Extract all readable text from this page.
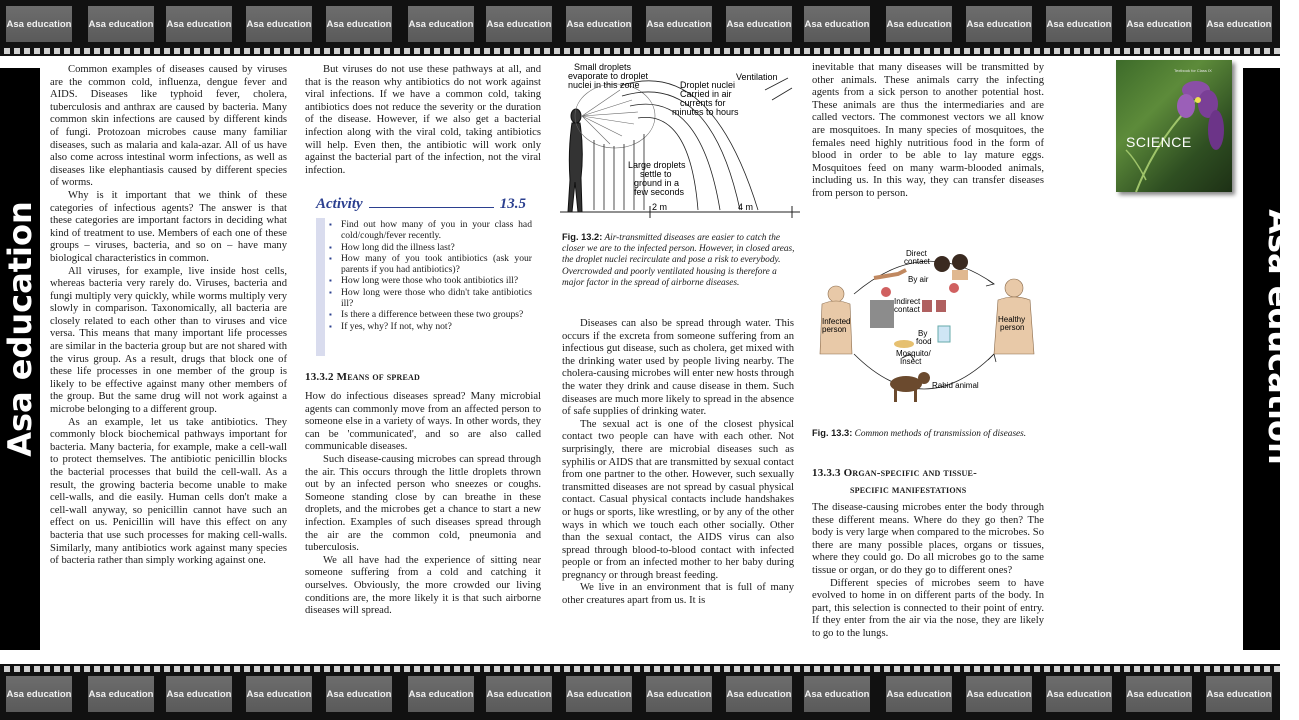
Asa education Asa education Asa education Asa education Asa education Asa education Asa education Asa education Asa education Asa education Asa education Asa education Asa education Asa education Asa education Asa education
Asa education Asa education Asa education Asa education Asa education Asa education Asa education Asa education Asa education Asa education Asa education Asa education Asa education Asa education Asa education Asa education
Asa education	Asa education

Common examples of diseases caused by viruses are the common cold, influenza, dengue fever and AIDS. Diseases like typhoid fever, cholera, tuberculosis and anthrax are caused by bacteria. Many common skin infections are caused by different kinds of fungi. Protozoan microbes cause many familiar diseases, such as malaria and kala-azar. All of us have also come across intestinal worm infections, as well as diseases like elephantiasis caused by different species of worms.

Why is it important that we think of these categories of infectious agents? The answer is that these categories are important factors in deciding what kind of treatment to use. Members of each one of these groups – viruses, bacteria, and so on – have many biological characteristics in common.

All viruses, for example, live inside host cells, whereas bacteria very rarely do. Viruses, bacteria and fungi multiply very quickly, while worms multiply very slowly in comparison. Taxonomically, all bacteria are closely related to each other than to viruses and vice versa. This means that many important life processes are similar in the bacteria group but are not shared with the virus group. As a result, drugs that block one of these life processes in one member of the group is likely to be effective against many other members of the group. But the same drug will not work against a microbe belonging to a different group.

As an example, let us take antibiotics. They commonly block biochemical pathways important for bacteria. Many bacteria, for example, make a cell-wall to protect themselves. The antibiotic penicillin blocks the bacterial processes that build the cell-wall. As a result, the growing bacteria become unable to make cell-walls, and die easily. Human cells don't make a cell-wall anyway, so penicillin cannot have such an effect on us. Penicillin will have this effect on any bacteria that use such processes for making cell-walls. Similarly, many antibiotics work against many species of bacteria rather than simply working against one.

But viruses do not use these pathways at all, and that is the reason why antibiotics do not work against viral infections. If we have a common cold, taking antibiotics does not reduce the severity or the duration of the disease. However, if we also get a bacterial infection along with the viral cold, taking antibiotics will help. Even then, the antibiotic will work only against the bacterial part of the infection, not the viral infection.

Activity	13.5
▪ Find out how many of you in your class had cold/cough/fever recently.
▪ How long did the illness last?
▪ How many of you took antibiotics (ask your parents if you had antibiotics)?
▪ How long were those who took antibiotics ill?
▪ How long were those who didn't take antibiotics ill?
▪ Is there a difference between these two groups?
▪ If yes, why? If not, why not?
13.3.2 Means of spread

How do infectious diseases spread? Many microbial agents can commonly move from an affected person to someone else in a variety of ways. In other words, they can be 'communicated', and so are also called communicable diseases.

Such disease-causing microbes can spread through the air. This occurs through the little droplets thrown out by an infected person who sneezes or coughs. Someone standing close by can breathe in these droplets, and the microbes get a chance to start a new infection. Examples of such diseases spread through the air are the common cold, pneumonia and tuberculosis.

We all have had the experience of sitting near someone suffering from a cold and catching it ourselves. Obviously, the more crowded our living conditions are, the more likely it is that such airborne diseases will spread.

Small droplets evaporate to droplet nuclei in this zone
Ventilation
Droplet nuclei Carried in air currents for minutes to hours
Large droplets settle to ground in a few seconds
2 m	4 m
Fig. 13.2: Air-transmitted diseases are easier to catch the closer we are to the infected person. However, in closed areas, the droplet nuclei recirculate and pose a risk to everybody. Overcrowded and poorly ventilated housing is therefore a major factor in the spread of airborne diseases.

Diseases can also be spread through water. This occurs if the excreta from someone suffering from an infectious gut disease, such as cholera, get mixed with the drinking water used by people living nearby. The cholera-causing microbes will enter new hosts through the water they drink and cause disease in them. Such diseases are much more likely to spread in the absence of safe supplies of drinking water.

The sexual act is one of the closest physical contact two people can have with each other. Not surprisingly, there are microbial diseases such as syphilis or AIDS that are transmitted by sexual contact from one partner to the other. However, such sexually transmitted diseases are not spread by casual physical contact. Casual physical contacts include handshakes or hugs or sports, like wrestling, or by any of the other ways in which we touch each other socially. Other than the sexual contact, the AIDS virus can also spread through blood-to-blood contact with infected people or from an infected mother to her baby during pregnancy or through breast feeding.

We live in an environment that is full of many other creatures apart from us. It is

inevitable that many diseases will be transmitted by other animals. These animals carry the infecting agents from a sick person to another potential host. These animals are thus the intermediaries and are called vectors. The commonest vectors we all know are mosquitoes. In many species of mosquitoes, the females need highly nutritious food in the form of blood in order to be able to lay mature eggs. Mosquitoes feed on many warm-blooded animals, including us. In this way, they can transfer diseases from person to person.

Textbook for Class IX
SCIENCE
Direct contact
By air
Indirect contact
Infected person
Healthy person
By food
Mosquito/ Insect
Rabid animal
Fig. 13.3: Common methods of transmission of diseases.
13.3.3 Organ-specific and tissue-
specific manifestations

The disease-causing microbes enter the body through these different means. Where do they go then? The body is very large when compared to the microbes. So there are many possible places, organs or tissues, where they could go. Do all microbes go to the same tissue or organ, or do they go to different ones?

Different species of microbes seem to have evolved to home in on different parts of the body. In part, this selection is connected to their point of entry. If they enter from the air via the nose, they are likely to go to the lungs.
